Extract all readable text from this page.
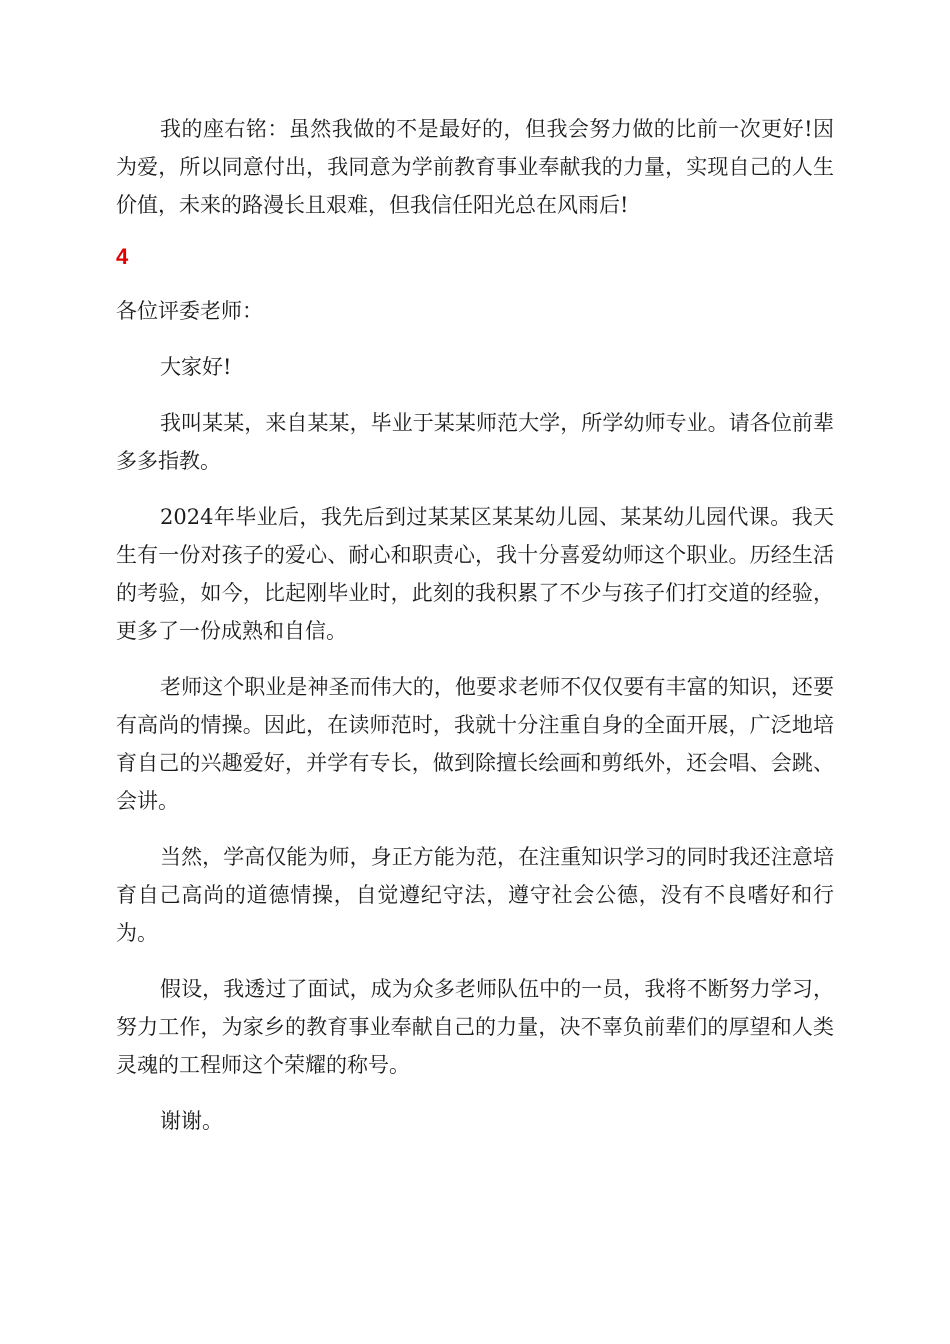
我的座右铭：虽然我做的不是最好的，但我会努力做的比前一次更好!因为爱，所以同意付出，我同意为学前教育事业奉献我的力量，实现自己的人生价值，未来的路漫长且艰难，但我信任阳光总在风雨后!

4

各位评委老师：

大家好!

我叫某某，来自某某，毕业于某某师范大学，所学幼师专业。请各位前辈多多指教。

2024年毕业后，我先后到过某某区某某幼儿园、某某幼儿园代课。我天生有一份对孩子的爱心、耐心和职责心，我十分喜爱幼师这个职业。历经生活的考验，如今，比起刚毕业时，此刻的我积累了不少与孩子们打交道的经验，更多了一份成熟和自信。

老师这个职业是神圣而伟大的，他要求老师不仅仅要有丰富的知识，还要有高尚的情操。因此，在读师范时，我就十分注重自身的全面开展，广泛地培育自己的兴趣爱好，并学有专长，做到除擅长绘画和剪纸外，还会唱、会跳、会讲。

当然，学高仅能为师，身正方能为范，在注重知识学习的同时我还注意培育自己高尚的道德情操，自觉遵纪守法，遵守社会公德，没有不良嗜好和行为。

假设，我透过了面试，成为众多老师队伍中的一员，我将不断努力学习，努力工作，为家乡的教育事业奉献自己的力量，决不辜负前辈们的厚望和人类灵魂的工程师这个荣耀的称号。

谢谢。
